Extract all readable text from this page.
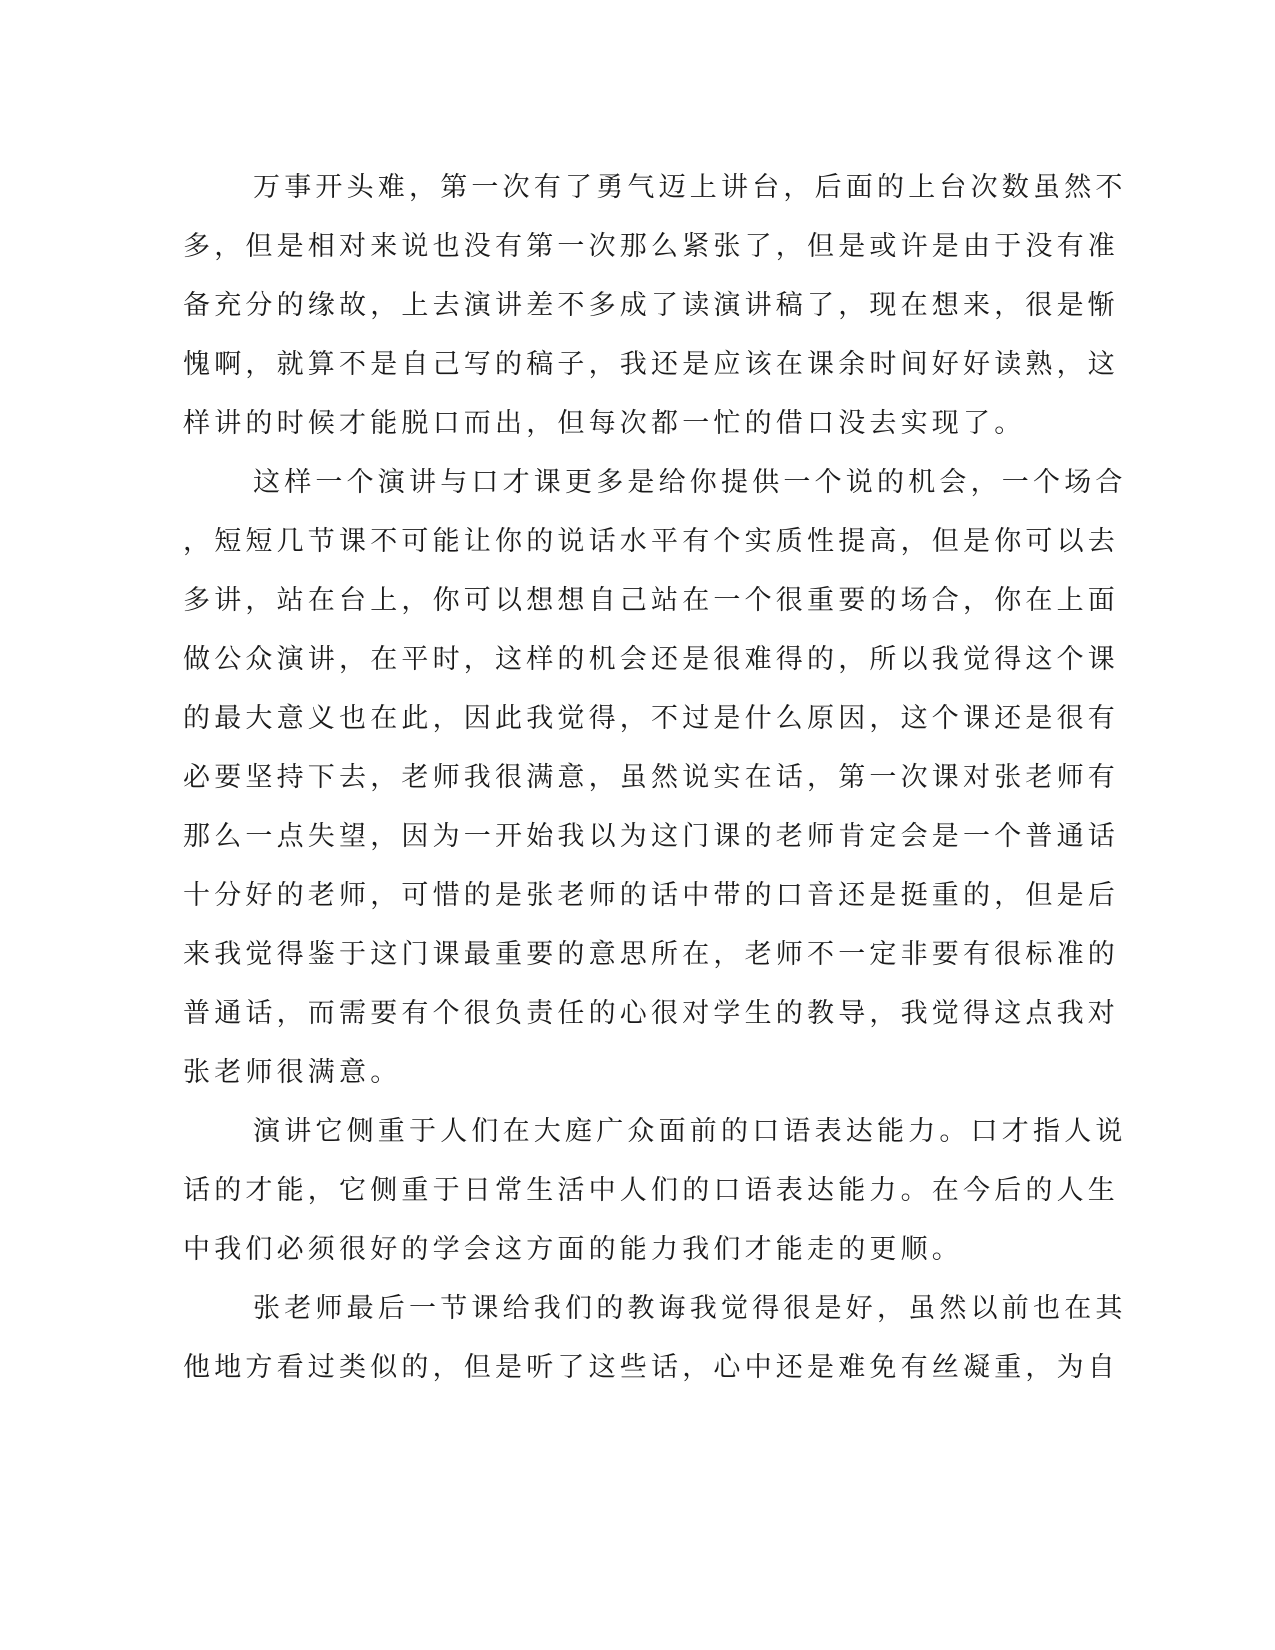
万事开头难，第一次有了勇气迈上讲台，后面的上台次数虽然不
多，但是相对来说也没有第一次那么紧张了，但是或许是由于没有准
备充分的缘故，上去演讲差不多成了读演讲稿了，现在想来，很是惭
愧啊，就算不是自己写的稿子，我还是应该在课余时间好好读熟，这
样讲的时候才能脱口而出，但每次都一忙的借口没去实现了。

这样一个演讲与口才课更多是给你提供一个说的机会，一个场合
，短短几节课不可能让你的说话水平有个实质性提高，但是你可以去
多讲，站在台上，你可以想想自己站在一个很重要的场合，你在上面
做公众演讲，在平时，这样的机会还是很难得的，所以我觉得这个课
的最大意义也在此，因此我觉得，不过是什么原因，这个课还是很有
必要坚持下去，老师我很满意，虽然说实在话，第一次课对张老师有
那么一点失望，因为一开始我以为这门课的老师肯定会是一个普通话
十分好的老师，可惜的是张老师的话中带的口音还是挺重的，但是后
来我觉得鉴于这门课最重要的意思所在，老师不一定非要有很标准的
普通话，而需要有个很负责任的心很对学生的教导，我觉得这点我对
张老师很满意。

演讲它侧重于人们在大庭广众面前的口语表达能力。口才指人说
话的才能，它侧重于日常生活中人们的口语表达能力。在今后的人生
中我们必须很好的学会这方面的能力我们才能走的更顺。

张老师最后一节课给我们的教诲我觉得很是好，虽然以前也在其
他地方看过类似的，但是听了这些话，心中还是难免有丝凝重，为自
